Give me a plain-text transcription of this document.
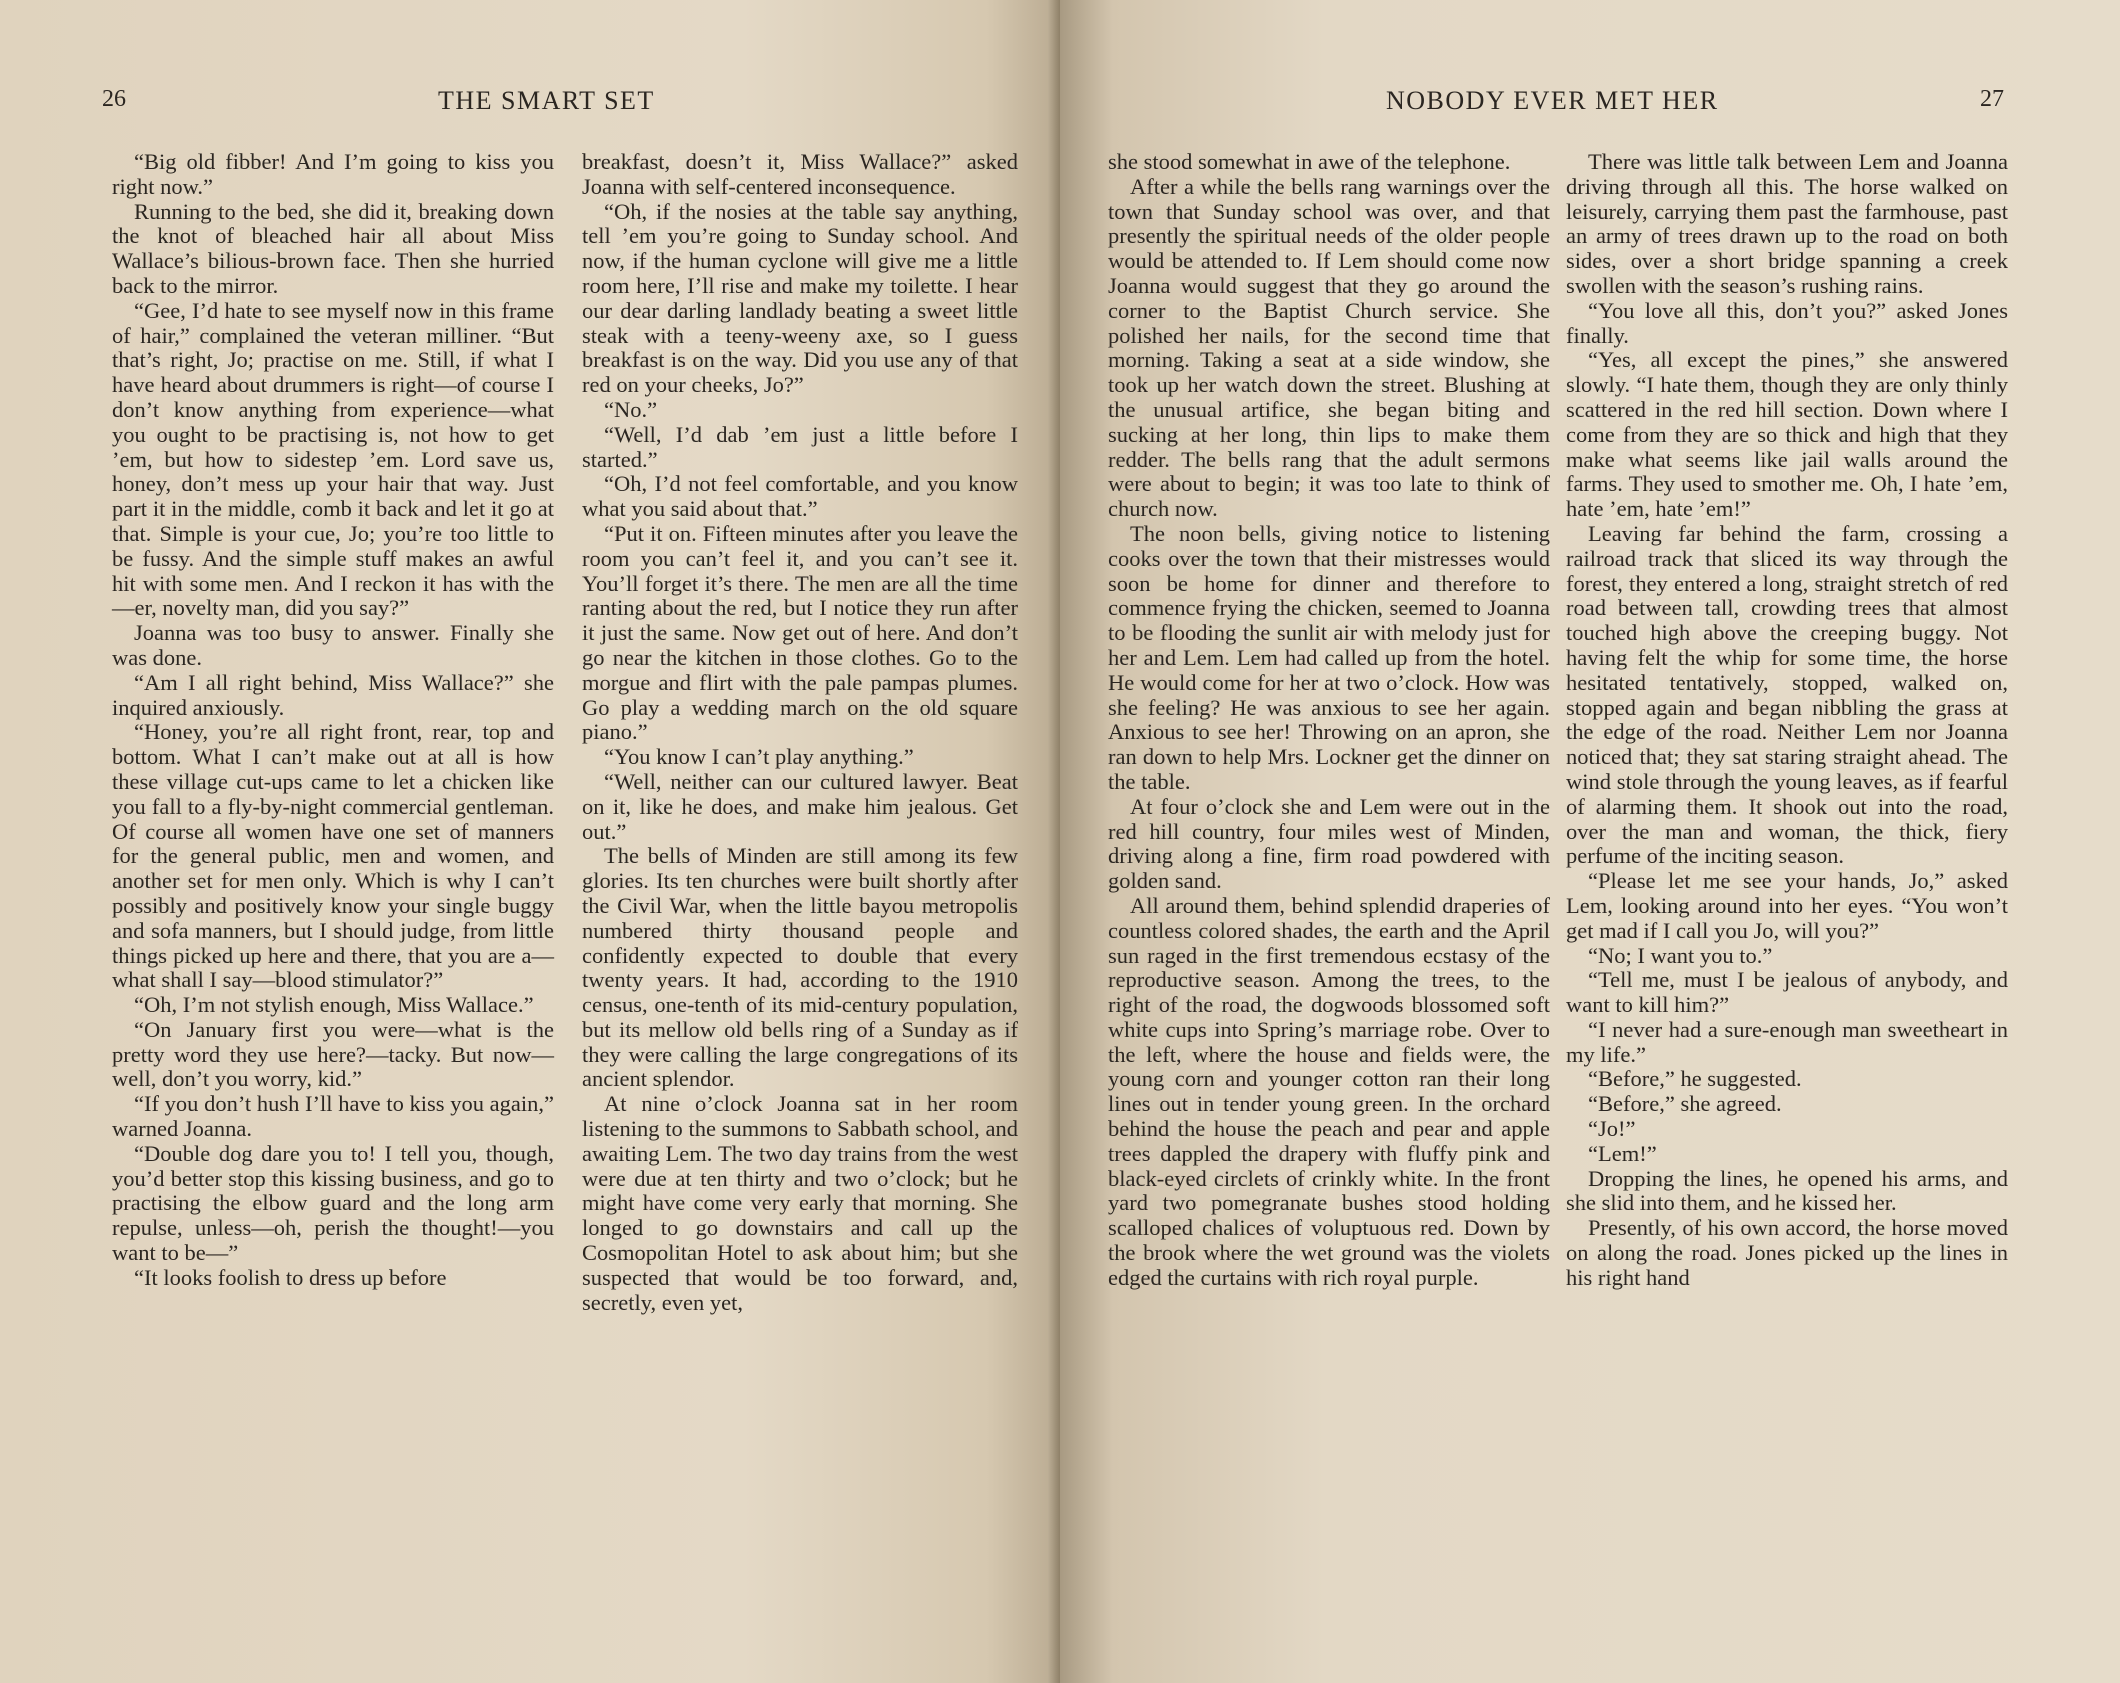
26	THE SMART SET

“Big old fibber! And I’m going to kiss you right now.”

Running to the bed, she did it, breaking down the knot of bleached hair all about Miss Wallace’s bilious-brown face. Then she hurried back to the mirror.

“Gee, I’d hate to see myself now in this frame of hair,” complained the veteran milliner. “But that’s right, Jo; practise on me. Still, if what I have heard about drummers is right—of course I don’t know anything from experience—what you ought to be practising is, not how to get ’em, but how to sidestep ’em. Lord save us, honey, don’t mess up your hair that way. Just part it in the middle, comb it back and let it go at that. Simple is your cue, Jo; you’re too little to be fussy. And the simple stuff makes an awful hit with some men. And I reckon it has with the—er, novelty man, did you say?”

Joanna was too busy to answer. Finally she was done.

“Am I all right behind, Miss Wallace?” she inquired anxiously.

“Honey, you’re all right front, rear, top and bottom. What I can’t make out at all is how these village cut-ups came to let a chicken like you fall to a fly-by-night commercial gentleman. Of course all women have one set of manners for the general public, men and women, and another set for men only. Which is why I can’t possibly and positively know your single buggy and sofa manners, but I should judge, from little things picked up here and there, that you are a—what shall I say—blood stimulator?”

“Oh, I’m not stylish enough, Miss Wallace.”

“On January first you were—what is the pretty word they use here?—tacky. But now—well, don’t you worry, kid.”

“If you don’t hush I’ll have to kiss you again,” warned Joanna.

“Double dog dare you to! I tell you, though, you’d better stop this kissing business, and go to practising the elbow guard and the long arm repulse, unless—oh, perish the thought!—you want to be—”

“It looks foolish to dress up before

breakfast, doesn’t it, Miss Wallace?” asked Joanna with self-centered inconsequence.

“Oh, if the nosies at the table say anything, tell ’em you’re going to Sunday school. And now, if the human cyclone will give me a little room here, I’ll rise and make my toilette. I hear our dear darling landlady beating a sweet little steak with a teeny-weeny axe, so I guess breakfast is on the way. Did you use any of that red on your cheeks, Jo?”

“No.”

“Well, I’d dab ’em just a little before I started.”

“Oh, I’d not feel comfortable, and you know what you said about that.”

“Put it on. Fifteen minutes after you leave the room you can’t feel it, and you can’t see it. You’ll forget it’s there. The men are all the time ranting about the red, but I notice they run after it just the same. Now get out of here. And don’t go near the kitchen in those clothes. Go to the morgue and flirt with the pale pampas plumes. Go play a wedding march on the old square piano.”

“You know I can’t play anything.”

“Well, neither can our cultured lawyer. Beat on it, like he does, and make him jealous. Get out.”

The bells of Minden are still among its few glories. Its ten churches were built shortly after the Civil War, when the little bayou metropolis numbered thirty thousand people and confidently expected to double that every twenty years. It had, according to the 1910 census, one-tenth of its mid-century population, but its mellow old bells ring of a Sunday as if they were calling the large congregations of its ancient splendor.

At nine o’clock Joanna sat in her room listening to the summons to Sabbath school, and awaiting Lem. The two day trains from the west were due at ten thirty and two o’clock; but he might have come very early that morning. She longed to go downstairs and call up the Cosmopolitan Hotel to ask about him; but she suspected that would be too forward, and, secretly, even yet,

NOBODY EVER MET HER	27

she stood somewhat in awe of the telephone.

After a while the bells rang warnings over the town that Sunday school was over, and that presently the spiritual needs of the older people would be attended to. If Lem should come now Joanna would suggest that they go around the corner to the Baptist Church service. She polished her nails, for the second time that morning. Taking a seat at a side window, she took up her watch down the street. Blushing at the unusual artifice, she began biting and sucking at her long, thin lips to make them redder. The bells rang that the adult sermons were about to begin; it was too late to think of church now.

The noon bells, giving notice to listening cooks over the town that their mistresses would soon be home for dinner and therefore to commence frying the chicken, seemed to Joanna to be flooding the sunlit air with melody just for her and Lem. Lem had called up from the hotel. He would come for her at two o’clock. How was she feeling? He was anxious to see her again. Anxious to see her! Throwing on an apron, she ran down to help Mrs. Lockner get the dinner on the table.

At four o’clock she and Lem were out in the red hill country, four miles west of Minden, driving along a fine, firm road powdered with golden sand.

All around them, behind splendid draperies of countless colored shades, the earth and the April sun raged in the first tremendous ecstasy of the reproductive season. Among the trees, to the right of the road, the dogwoods blossomed soft white cups into Spring’s marriage robe. Over to the left, where the house and fields were, the young corn and younger cotton ran their long lines out in tender young green. In the orchard behind the house the peach and pear and apple trees dappled the drapery with fluffy pink and black-eyed circlets of crinkly white. In the front yard two pomegranate bushes stood holding scalloped chalices of voluptuous red. Down by the brook where the wet ground was the violets edged the curtains with rich royal purple.

There was little talk between Lem and Joanna driving through all this. The horse walked on leisurely, carrying them past the farmhouse, past an army of trees drawn up to the road on both sides, over a short bridge spanning a creek swollen with the season’s rushing rains.

“You love all this, don’t you?” asked Jones finally.

“Yes, all except the pines,” she answered slowly. “I hate them, though they are only thinly scattered in the red hill section. Down where I come from they are so thick and high that they make what seems like jail walls around the farms. They used to smother me. Oh, I hate ’em, hate ’em, hate ’em!”

Leaving far behind the farm, crossing a railroad track that sliced its way through the forest, they entered a long, straight stretch of red road between tall, crowding trees that almost touched high above the creeping buggy. Not having felt the whip for some time, the horse hesitated tentatively, stopped, walked on, stopped again and began nibbling the grass at the edge of the road. Neither Lem nor Joanna noticed that; they sat staring straight ahead. The wind stole through the young leaves, as if fearful of alarming them. It shook out into the road, over the man and woman, the thick, fiery perfume of the inciting season.

“Please let me see your hands, Jo,” asked Lem, looking around into her eyes. “You won’t get mad if I call you Jo, will you?”

“No; I want you to.”

“Tell me, must I be jealous of anybody, and want to kill him?”

“I never had a sure-enough man sweetheart in my life.”

“Before,” he suggested.

“Before,” she agreed.

“Jo!”

“Lem!”

Dropping the lines, he opened his arms, and she slid into them, and he kissed her.

Presently, of his own accord, the horse moved on along the road. Jones picked up the lines in his right hand
